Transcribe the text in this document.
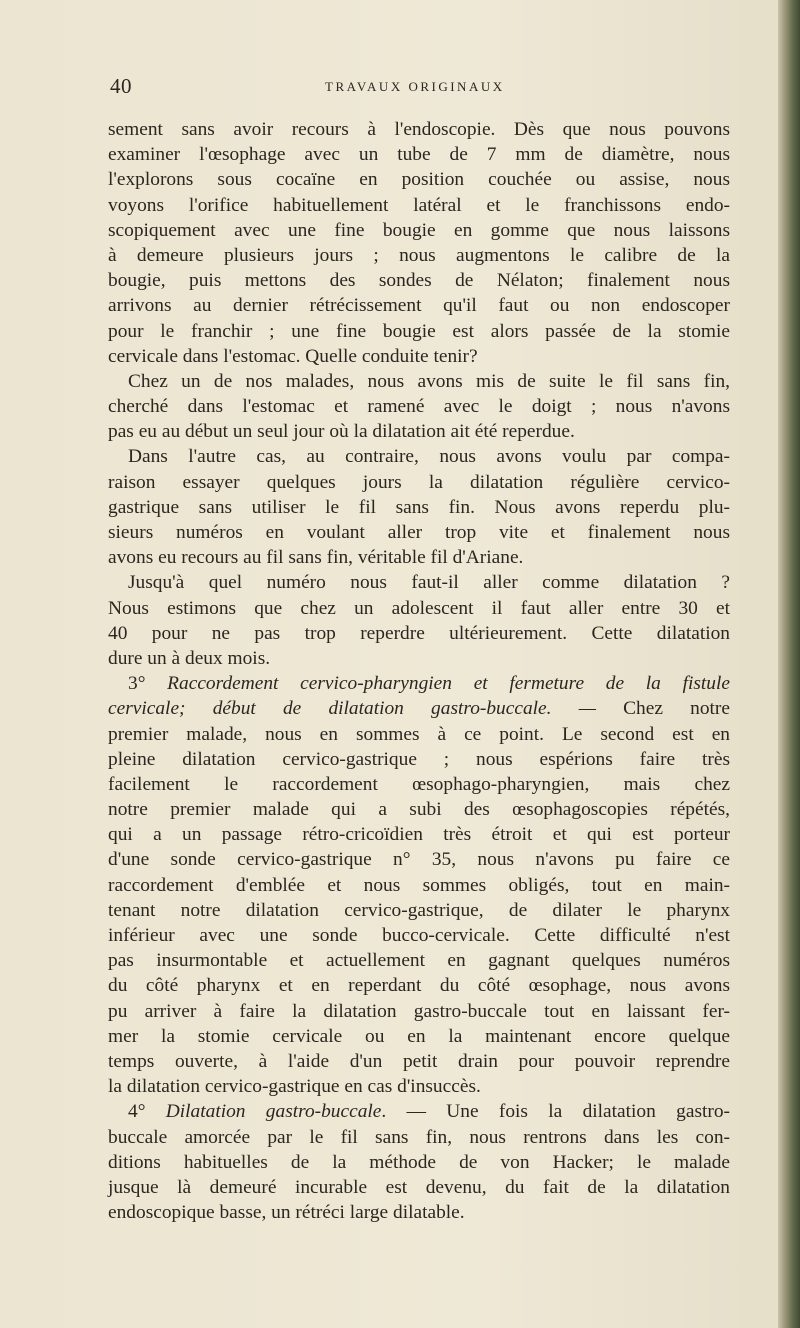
40	TRAVAUX ORIGINAUX
sement sans avoir recours à l'endoscopie. Dès que nous pouvons
examiner l'œsophage avec un tube de 7 mm de diamètre, nous
l'explorons sous cocaïne en position couchée ou assise, nous
voyons l'orifice habituellement latéral et le franchissons endo-
scopiquement avec une fine bougie en gomme que nous laissons
à demeure plusieurs jours ; nous augmentons le calibre de la
bougie, puis mettons des sondes de Nélaton; finalement nous
arrivons au dernier rétrécissement qu'il faut ou non endoscoper
pour le franchir ; une fine bougie est alors passée de la stomie
cervicale dans l'estomac. Quelle conduite tenir?
Chez un de nos malades, nous avons mis de suite le fil sans fin,
cherché dans l'estomac et ramené avec le doigt ; nous n'avons
pas eu au début un seul jour où la dilatation ait été reperdue.
Dans l'autre cas, au contraire, nous avons voulu par compa-
raison essayer quelques jours la dilatation régulière cervico-
gastrique sans utiliser le fil sans fin. Nous avons reperdu plu-
sieurs numéros en voulant aller trop vite et finalement nous
avons eu recours au fil sans fin, véritable fil d'Ariane.
Jusqu'à quel numéro nous faut-il aller comme dilatation ?
Nous estimons que chez un adolescent il faut aller entre 30 et
40 pour ne pas trop reperdre ultérieurement. Cette dilatation
dure un à deux mois.
3° Raccordement cervico-pharyngien et fermeture de la fistule
cervicale; début de dilatation gastro-buccale. — Chez notre
premier malade, nous en sommes à ce point. Le second est en
pleine dilatation cervico-gastrique ; nous espérions faire très
facilement le raccordement œsophago-pharyngien, mais chez
notre premier malade qui a subi des œsophagoscopies répétés,
qui a un passage rétro-cricoïdien très étroit et qui est porteur
d'une sonde cervico-gastrique n° 35, nous n'avons pu faire ce
raccordement d'emblée et nous sommes obligés, tout en main-
tenant notre dilatation cervico-gastrique, de dilater le pharynx
inférieur avec une sonde bucco-cervicale. Cette difficulté n'est
pas insurmontable et actuellement en gagnant quelques numéros
du côté pharynx et en reperdant du côté œsophage, nous avons
pu arriver à faire la dilatation gastro-buccale tout en laissant fer-
mer la stomie cervicale ou en la maintenant encore quelque
temps ouverte, à l'aide d'un petit drain pour pouvoir reprendre
la dilatation cervico-gastrique en cas d'insuccès.
4° Dilatation gastro-buccale. — Une fois la dilatation gastro-
buccale amorcée par le fil sans fin, nous rentrons dans les con-
ditions habituelles de la méthode de von Hacker; le malade
jusque là demeuré incurable est devenu, du fait de la dilatation
endoscopique basse, un rétréci large dilatable.
